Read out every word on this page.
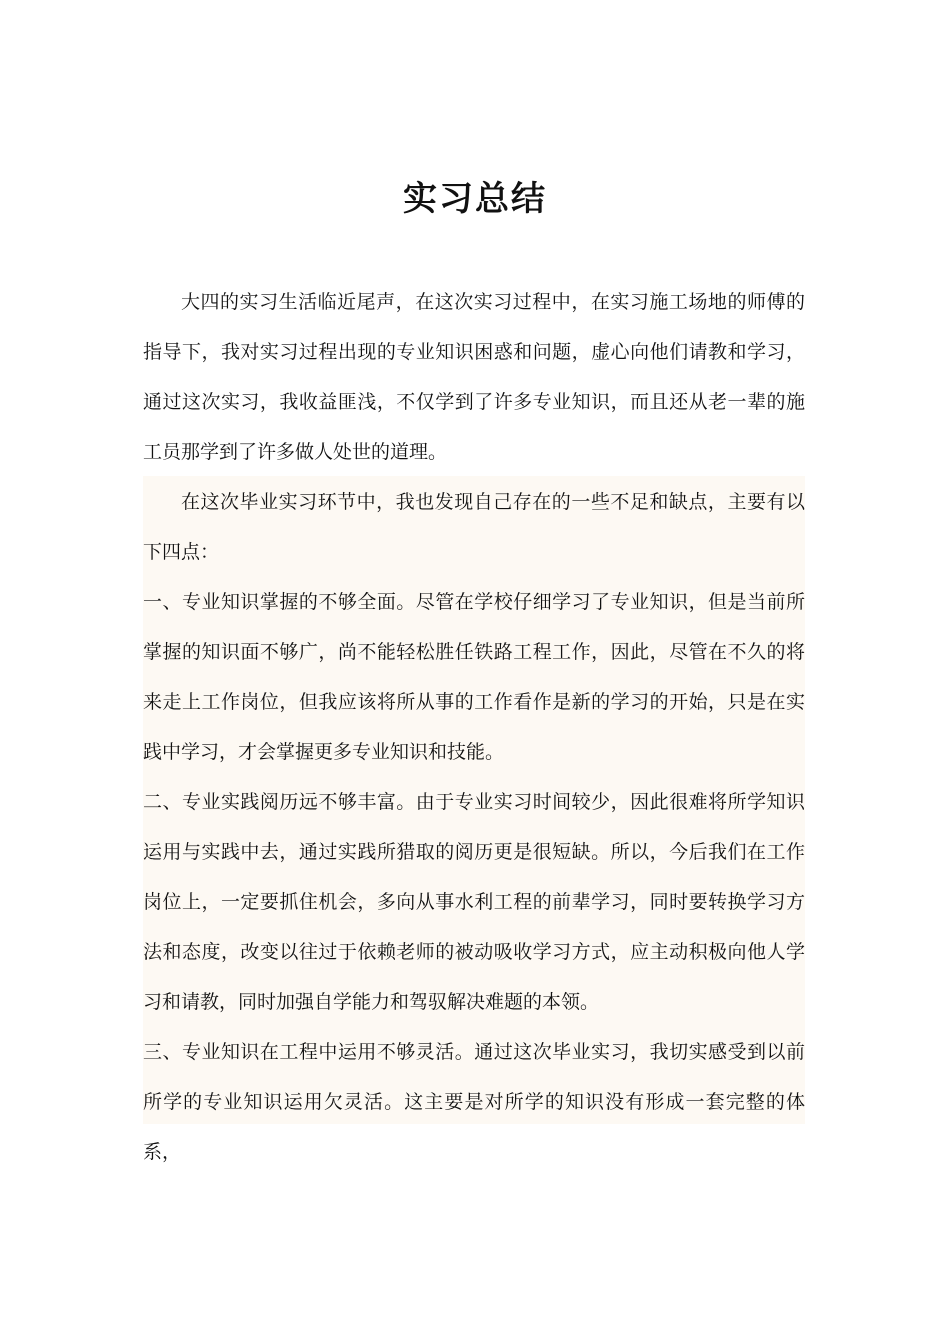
实习总结

大四的实习生活临近尾声，在这次实习过程中，在实习施工场地的师傅的指导下，我对实习过程出现的专业知识困惑和问题，虚心向他们请教和学习，通过这次实习，我收益匪浅，不仅学到了许多专业知识，而且还从老一辈的施工员那学到了许多做人处世的道理。

在这次毕业实习环节中，我也发现自己存在的一些不足和缺点，主要有以下四点：

一、专业知识掌握的不够全面。尽管在学校仔细学习了专业知识，但是当前所掌握的知识面不够广，尚不能轻松胜任铁路工程工作，因此，尽管在不久的将来走上工作岗位，但我应该将所从事的工作看作是新的学习的开始，只是在实践中学习，才会掌握更多专业知识和技能。

二、专业实践阅历远不够丰富。由于专业实习时间较少，因此很难将所学知识运用与实践中去，通过实践所猎取的阅历更是很短缺。所以，今后我们在工作岗位上，一定要抓住机会，多向从事水利工程的前辈学习，同时要转换学习方法和态度，改变以往过于依赖老师的被动吸收学习方式，应主动积极向他人学习和请教，同时加强自学能力和驾驭解决难题的本领。

三、专业知识在工程中运用不够灵活。通过这次毕业实习，我切实感受到以前所学的专业知识运用欠灵活。这主要是对所学的知识没有形成一套完整的体系，
